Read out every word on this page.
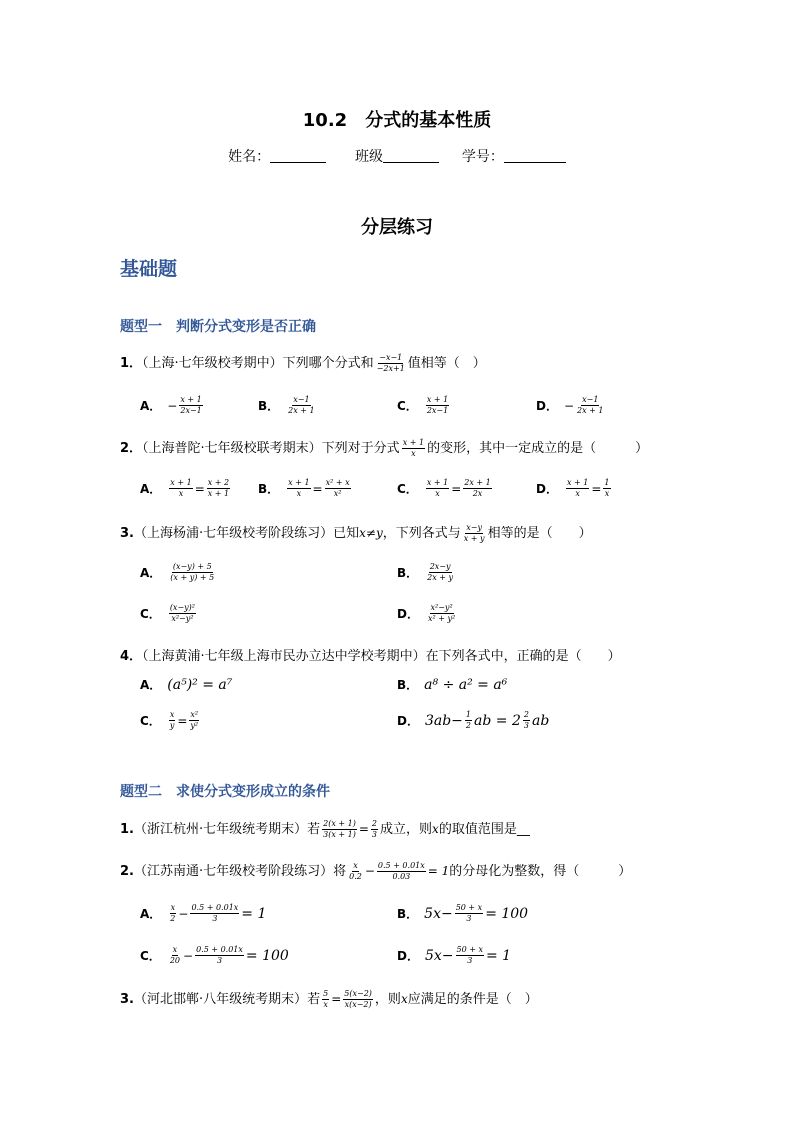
10.2　分式的基本性质
姓名：	班级	学号：
分层练习
基础题
题型一　判断分式变形是否正确
1．（上海·七年级校考期中）下列哪个分式和 $\frac{-x-1}{-2x+1}$ 值相等（　）
A． − $\frac{x + 1}{2x-1}$	B． $\frac{x-1}{2x + 1}$	C． $\frac{x + 1}{2x-1}$	D． − $\frac{x-1}{2x + 1}$
2．（上海普陀·七年级校联考期末）下列对于分式 $\frac{x + 1}{x}$ 的变形，其中一定成立的是（　　　）
A． $\frac{x + 1}{x} = \frac{x + 2}{x + 1}$ B． $\frac{x + 1}{x} = \frac{\text{x² + x}}{\text{x²}}$	C． $\frac{x + 1}{x} = \frac{2x + 1}{2x}$	D． $\frac{x + 1}{x} = \frac{1}{x}$
3.（上海杨浦·七年级校考阶段练习）已知x≠y，下列各式与 $\frac{x-y}{x + y}$ 相等的是（　　）
A． $\frac{(x-y) + 5}{(x + y) + 5}$	B． $\frac{2x-y}{2x + y}$
C． $\frac{\text{(x−y)²}}{\text{x²−y²}}$	D． $\frac{\text{x²−y²}}{\text{x² + y²}}$
4．（上海黄浦·七年级上海市民办立达中学校考期中）在下列各式中，正确的是（　　）
A． (a⁵)² = a⁷	B． a⁸ ÷ a² = a⁶
C． $\frac{x}{y} = \frac{\text{x²}}{\text{y²}}$	D． $3ab- \frac{1}{2}$ ab = $2 \frac{2}{3}$ ab
题型二　求使分式变形成立的条件
1.（浙江杭州·七年级统考期末）若 $\frac{2(x + 1)}{3(x + 1)} = \frac{2}{3}$ 成立，则x的取值范围是__
2.（江苏南通·七年级校考阶段练习）将 $\frac{x}{0.2} - \frac{0.5 + 0.01x}{0.03} = 1$的分母化为整数，得（　　　）
A． $\frac{x}{2} - \frac{0.5 + 0.01x}{3} = 1$	B． $5x- \frac{50 + x}{3} = 100$
C． $\frac{x}{20} - \frac{0.5 + 0.01x}{3} = 100$	D． $5x- \frac{50 + x}{3} = 1$
3.（河北邯郸·八年级统考期末）若 $\frac{5}{x} = \frac{5(x-2)}{x(x-2)}$ ，则x应满足的条件是（　）
